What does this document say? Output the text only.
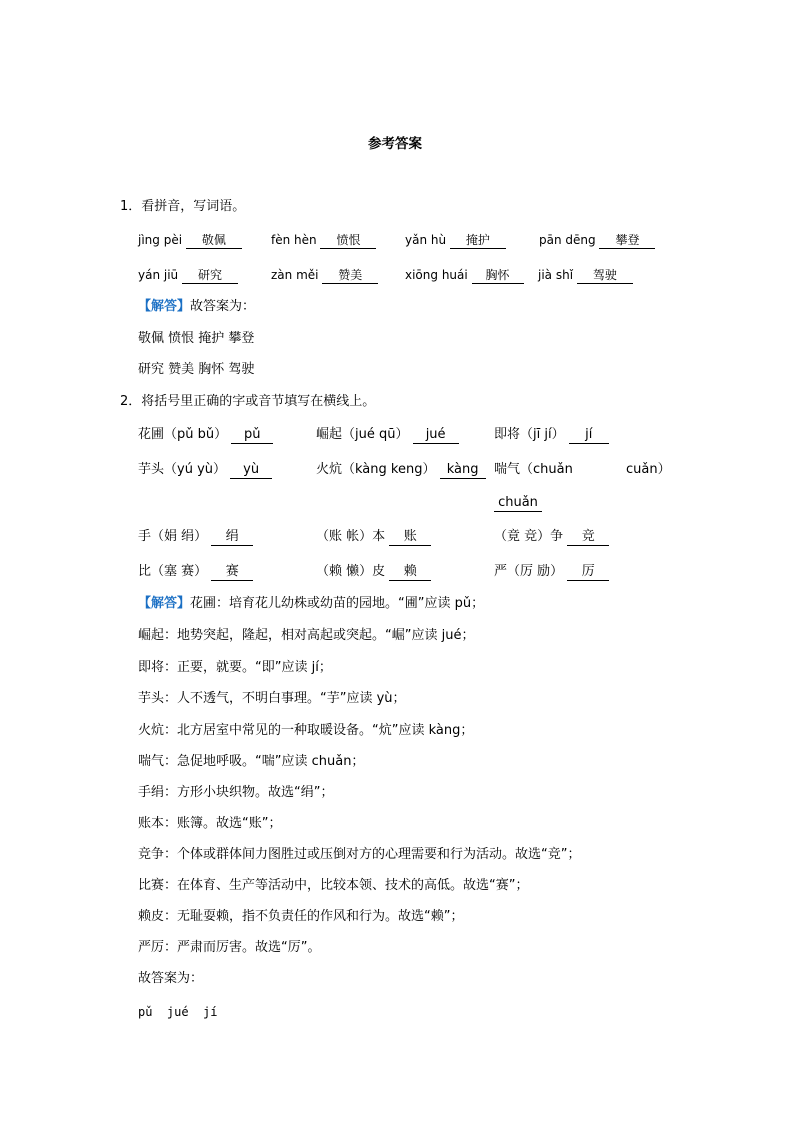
参考答案
1．看拼音，写词语。
jìng pèi 敬佩	fèn hèn 愤恨	yǎn hù 掩护	pān dēng 攀登
yán jiū 研究	zàn měi 赞美	xiōng huái 胸怀	jià shǐ 驾驶
【解答】故答案为：
敬佩 愤恨 掩护 攀登
研究 赞美 胸怀 驾驶
2．将括号里正确的字或音节填写在横线上。
花圃（pǔ bǔ） pǔ	崛起（jué qū） jué	即将（jī jí） jí
芋头（yú yù） yù	火炕（kàng keng） kàng	喘气（chuǎn	cuǎn）
chuǎn
手（娟 绢） 绢	（账 帐）本 账	（竟 竞）争 竞
比（塞 赛） 赛	（赖 懒）皮 赖	严（厉 励） 厉
【解答】花圃：培育花儿幼株或幼苗的园地。“圃”应读 pǔ；
崛起：地势突起，隆起，相对高起或突起。“崛”应读 jué；
即将：正要，就要。“即”应读 jí；
芋头：人不透气，不明白事理。“芋”应读 yù；
火炕：北方居室中常见的一种取暖设备。“炕”应读 kàng；
喘气：急促地呼吸。“喘”应读 chuǎn；
手绢：方形小块织物。故选“绢”；
账本：账簿。故选“账”；
竞争：个体或群体间力图胜过或压倒对方的心理需要和行为活动。故选“竞”；
比赛：在体育、生产等活动中，比较本领、技术的高低。故选“赛”；
赖皮：无耻耍赖，指不负责任的作风和行为。故选“赖”；
严厉：严肃而厉害。故选“厉”。
故答案为：
pǔ  jué  jí
